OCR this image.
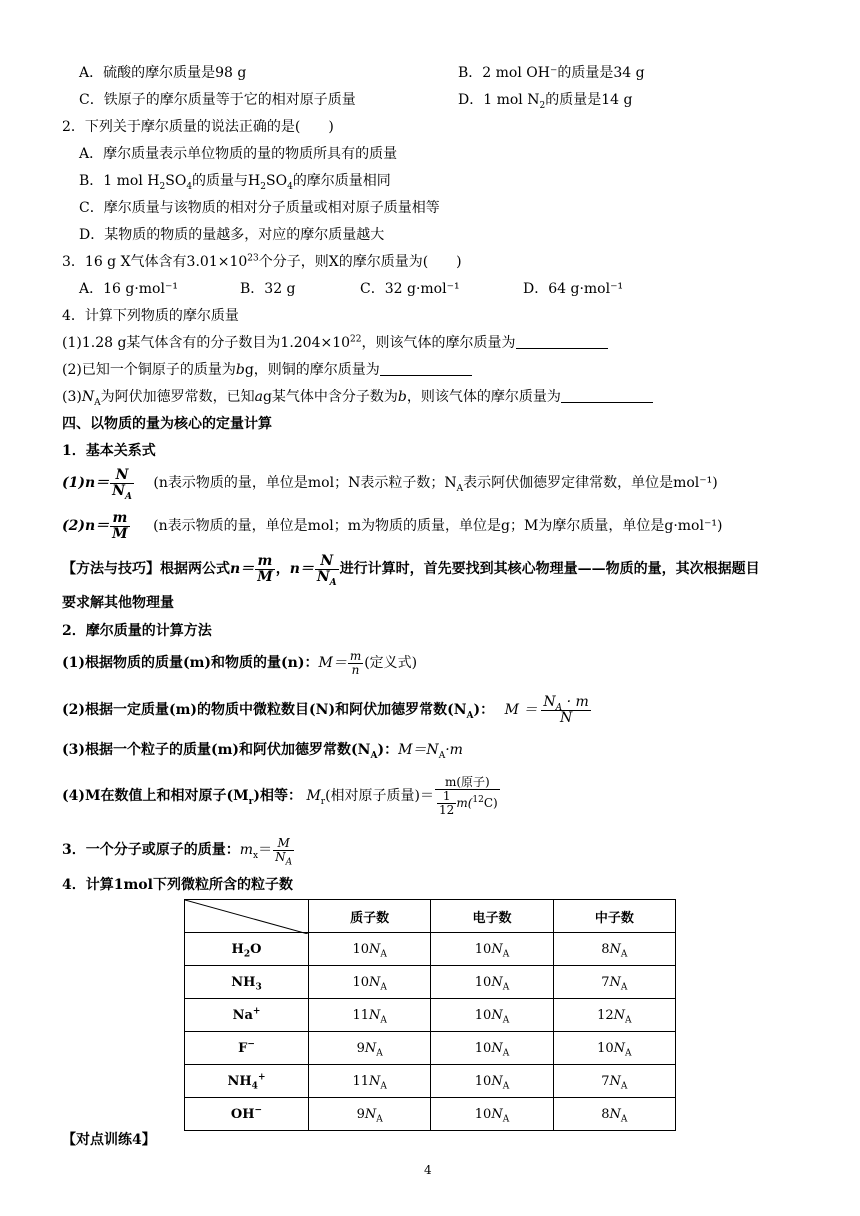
A．硫酸的摩尔质量是98 g	B．2 mol OH⁻的质量是34 g
C．铁原子的摩尔质量等于它的相对原子质量	D．1 mol $N_2$的质量是14 g
2．下列关于摩尔质量的说法正确的是(　　)
A．摩尔质量表示单位物质的量的物质所具有的质量
B．1 mol $H_2SO_4$的质量与$H_2SO_4$的摩尔质量相同
C．摩尔质量与该物质的相对分子质量或相对原子质量相等
D．某物质的物质的量越多，对应的摩尔质量越大
3．16 g X气体含有$3.01\times 10^{23}$个分子，则X的摩尔质量为(　　)
A．16 g·mol⁻¹	B．32 g	C．32 g·mol⁻¹	D．64 g·mol⁻¹
4．计算下列物质的摩尔质量
(1)1.28 g某气体含有的分子数目为$1.204\times 10^{22}$，则该气体的摩尔质量为
(2)已知一个铜原子的质量为bg，则铜的摩尔质量为
$(3)N_A$为阿伏加德罗常数，已知ag某气体中含分子数为b，则该气体的摩尔质量为
四、以物质的量为核心的定量计算
1．基本关系式
$(1)n= \frac{N}{N_A} (n$表示物质的量，单位是mol；N表示粒子数；$N_A$表示阿伏伽德罗定律常数，单位是mol⁻¹)
$(2)n= \frac{m}{M} (n$表示物质的量，单位是mol；m为物质的质量，单位是g；M为摩尔质量，单位是g·mol⁻¹)
【方法与技巧】根据两公式$n= \frac{m}{M}$ ，$n= \frac{N}{N_A}$ 进行计算时，首先要找到其核心物理量——物质的量，其次根据题目
要求解其他物理量
2．摩尔质量的计算方法
(1)根据物质的质量(m)和物质的量(n)：$M= \frac{m}{n}$ (定义式)
(2)根据一定质量(m)的物质中微粒数目(N)和阿伏加德罗常数$(N_A)$： $M = \frac{N_A \cdot m}{N}$
(3)根据一个粒子的质量(m)和阿伏加德罗常数$(N_A)$：$M=N_A\cdot m$
(4)M在数值上和相对原子$(M_r)$相等： $M_r$(相对原子质量)＝ $\frac{\text{m(原子)}}{\frac{1}{12} m(^{12}C)}$
3．一个分子或原子的质量：$m_x= \frac{M}{N_A}$
4．计算1mol下列微粒所含的粒子数
	质子数	电子数	中子数
$H_2O$	$10N_A$	$10N_A$	$8N_A$
$NH_3$	$10N_A$	$10N_A$	$7N_A$
Na+	$11N_A$	$10N_A$	$12N_A$
F−	$9N_A$	$10N_A$	$10N_A$
$NH_4^+$	$11N_A$	$10N_A$	$7N_A$
OH−	$9N_A$	$10N_A$	$8N_A$
【对点训练4】
4
